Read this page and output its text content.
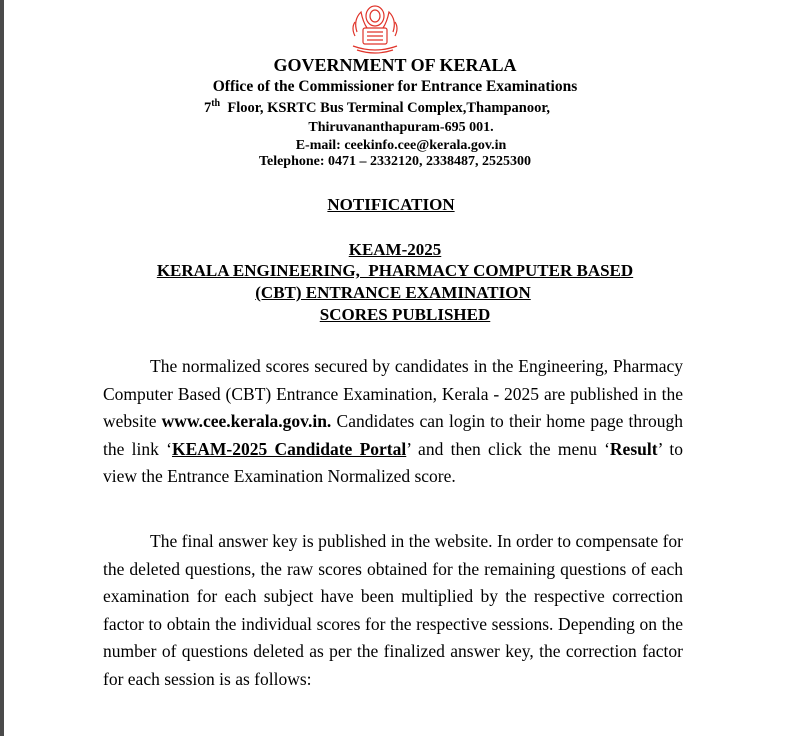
GOVERNMENT OF KERALA
Office of the Commissioner for Entrance Examinations
7th Floor, KSRTC Bus Terminal Complex,Thampanoor,
Thiruvananthapuram-695 001.
E-mail: ceekinfo.cee@kerala.gov.in
Telephone: 0471 – 2332120, 2338487, 2525300
NOTIFICATION
KEAM-2025
KERALA ENGINEERING,  PHARMACY COMPUTER BASED
(CBT) ENTRANCE EXAMINATION
SCORES PUBLISHED

The normalized scores secured by candidates in the Engineering, Pharmacy Computer Based (CBT) Entrance Examination, Kerala - 2025 are published in the website www.cee.kerala.gov.in. Candidates can login to their home page through the link ‘KEAM-2025 Candidate Portal’ and then click the menu ‘Result’ to view the Entrance Examination Normalized score.

The final answer key is published in the website. In order to compensate for the deleted questions, the raw scores obtained for the remaining questions of each examination for each subject have been multiplied by the respective correction factor to obtain the individual scores for the respective sessions. Depending on the number of questions deleted as per the finalized answer key, the correction factor for each session is as follows:
